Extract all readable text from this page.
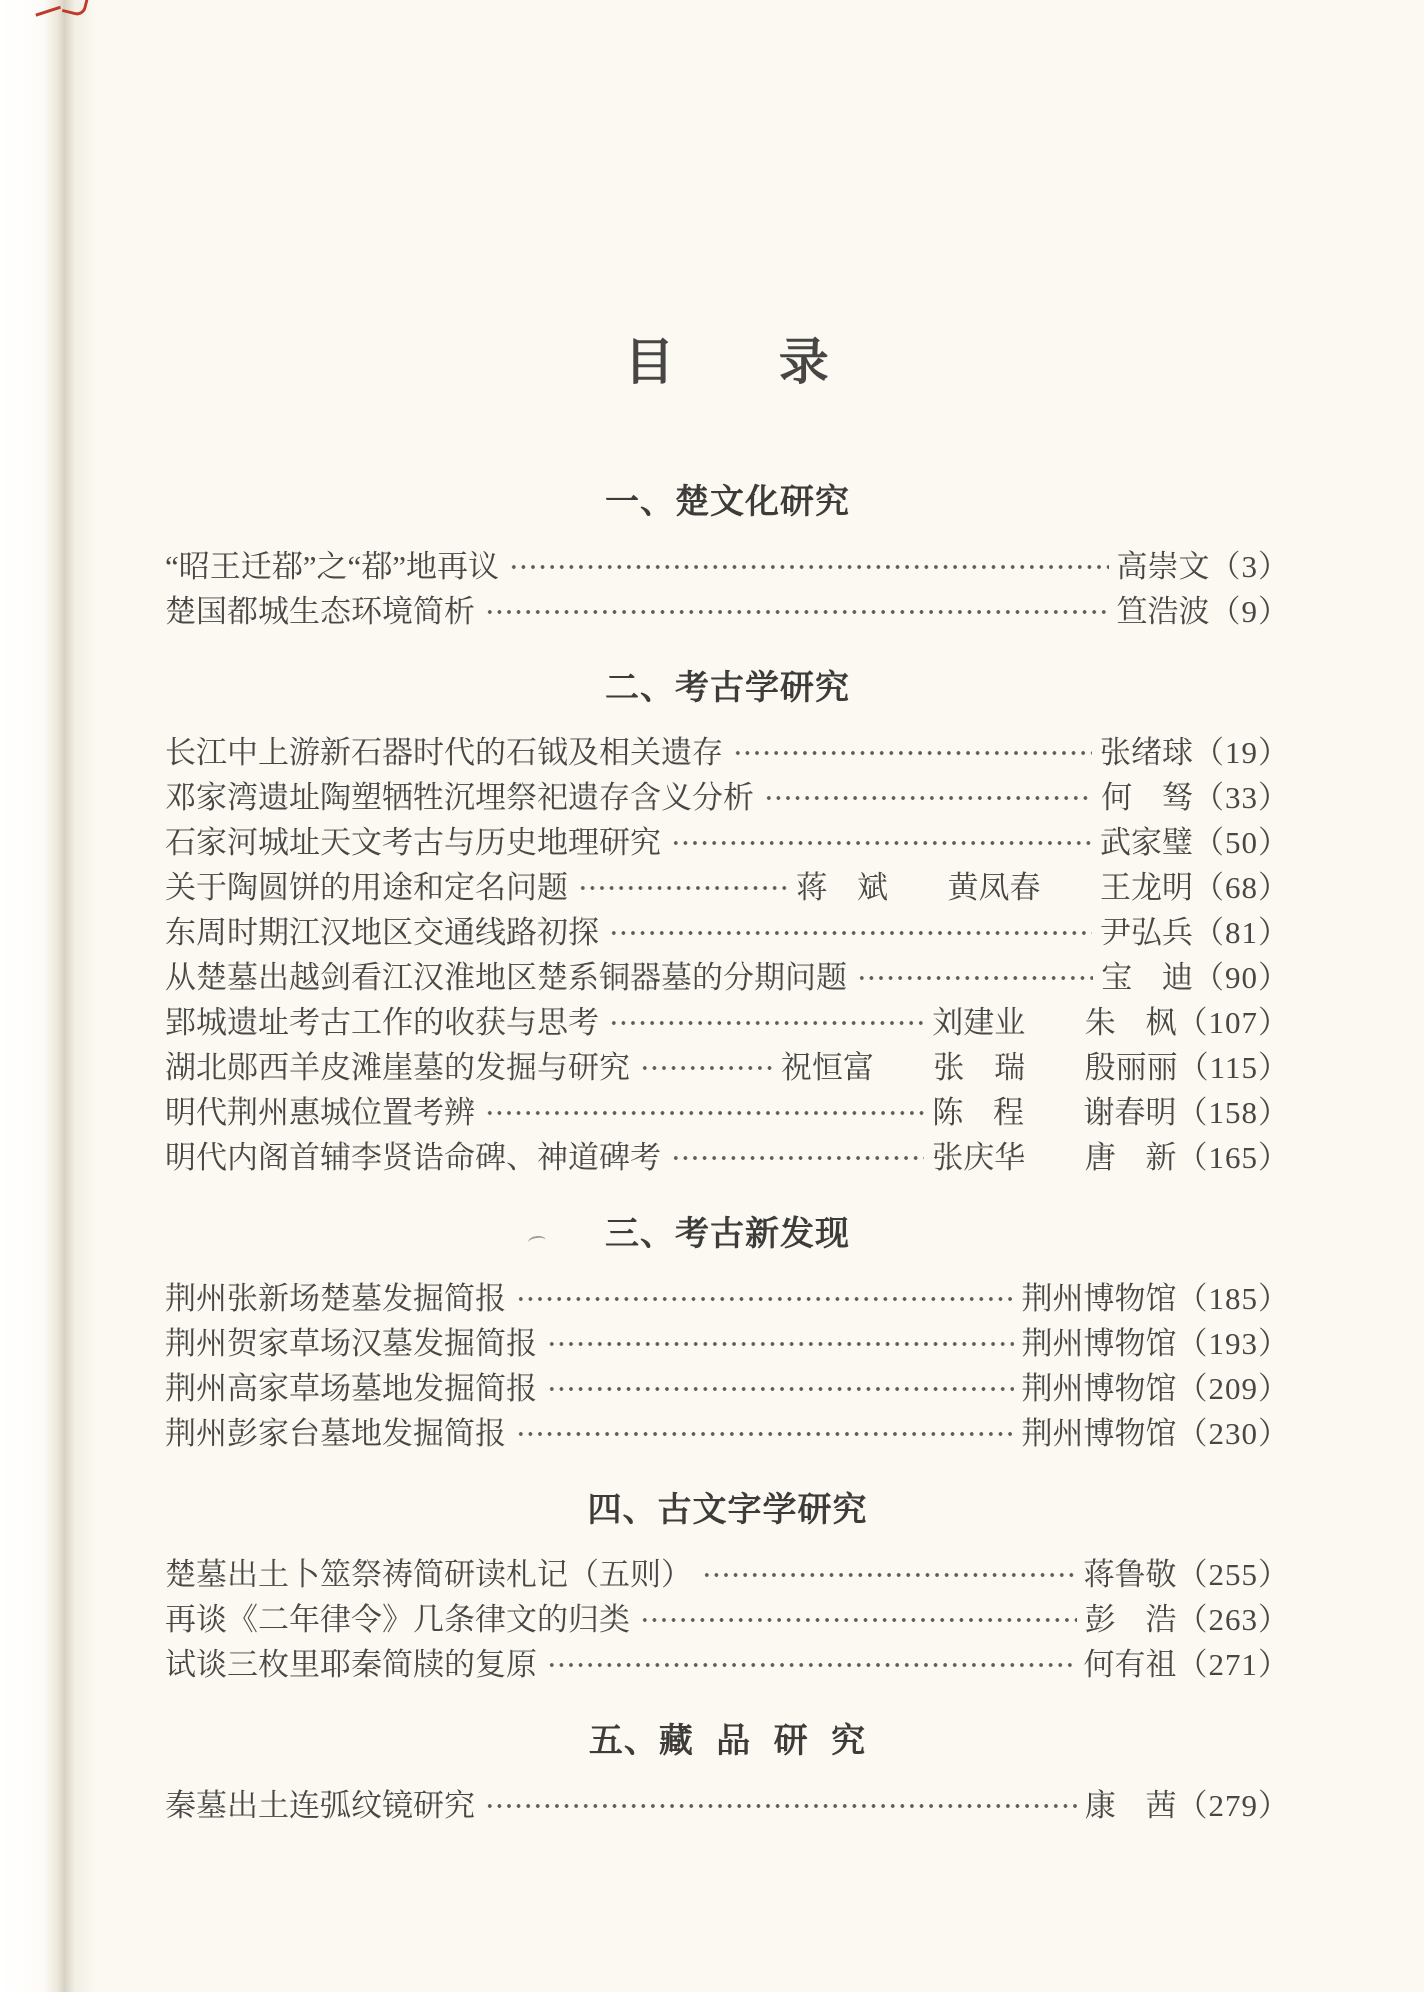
目 录
一、楚文化研究
“昭王迁鄀”之“鄀”地再议	高崇文 （3）
楚国都城生态环境简析	笪浩波 （9）
二、考古学研究
长江中上游新石器时代的石钺及相关遗存	张绪球 （19）
邓家湾遗址陶塑牺牲沉埋祭祀遗存含义分析	何 驽 （33）
石家河城址天文考古与历史地理研究	武家璧 （50）
关于陶圆饼的用途和定名问题	蒋 斌  黄凤春  王龙明 （68）
东周时期江汉地区交通线路初探	尹弘兵 （81）
从楚墓出越剑看江汉淮地区楚系铜器墓的分期问题	宝 迪 （90）
郢城遗址考古工作的收获与思考	刘建业  朱 枫 （107）
湖北郧西羊皮滩崖墓的发掘与研究	祝恒富  张 瑞  殷丽丽 （115）
明代荆州惠城位置考辨	陈 程  谢春明 （158）
明代内阁首辅李贤诰命碑、神道碑考	张庆华  唐 新 （165）
三、考古新发现
荆州张新场楚墓发掘简报	荆州博物馆 （185）
荆州贺家草场汉墓发掘简报	荆州博物馆 （193）
荆州高家草场墓地发掘简报	荆州博物馆 （209）
荆州彭家台墓地发掘简报	荆州博物馆 （230）
四、古文字学研究
楚墓出土卜筮祭祷简研读札记（五则）	蒋鲁敬 （255）
再谈《二年律令》几条律文的归类	彭 浩 （263）
试谈三枚里耶秦简牍的复原	何有祖 （271）
五、藏 品 研 究
秦墓出土连弧纹镜研究	康 茜 （279）
